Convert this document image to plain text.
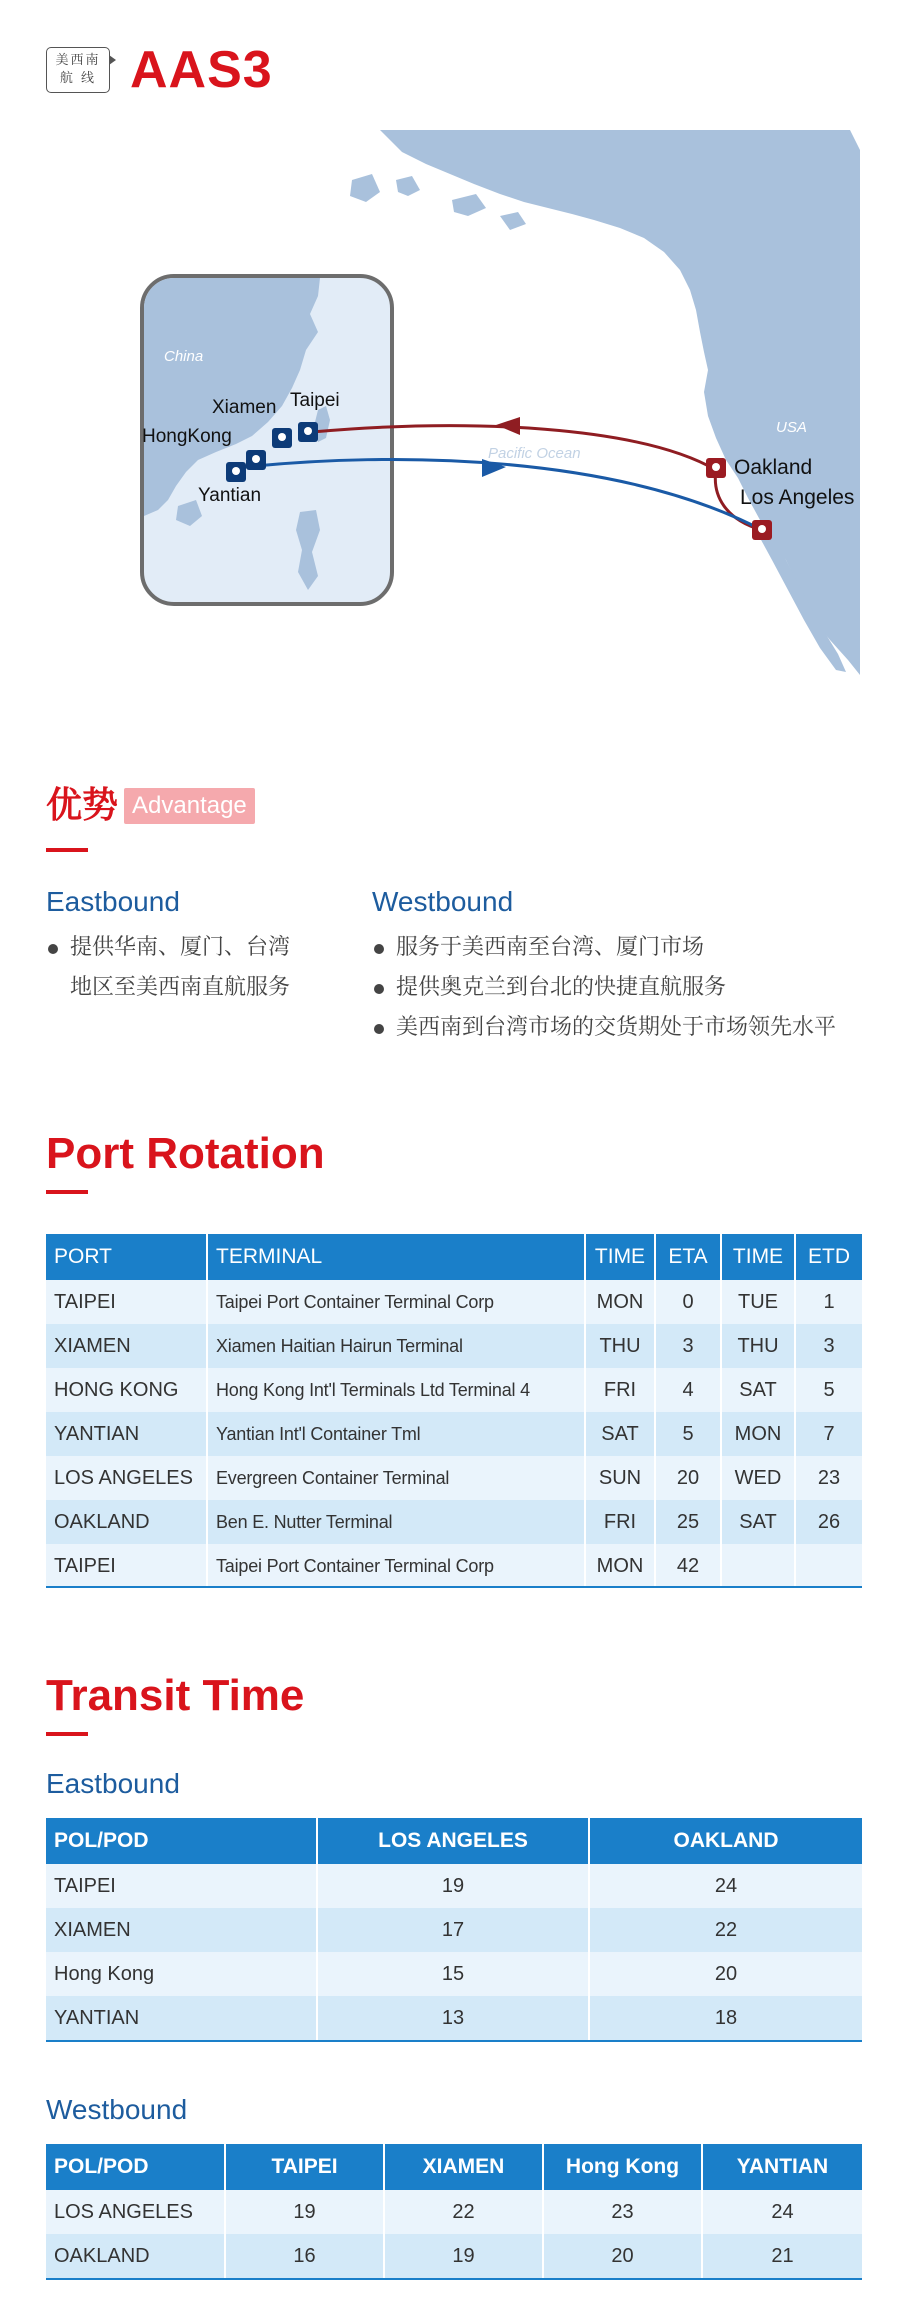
美西南
航 线 AAS3
China
USA
Pacific Ocean
Xiamen Taipei
HongKong
Yantian
Oakland
Los Angeles
优势 Advantage
Eastbound
提供华南、厦门、台湾
地区至美西南直航服务
Westbound
服务于美西南至台湾、厦门市场
提供奥克兰到台北的快捷直航服务
美西南到台湾市场的交货期处于市场领先水平
Port Rotation
PORT	TERMINAL	TIME	ETA	TIME	ETD
TAIPEI	Taipei Port Container Terminal Corp	MON	0	TUE	1
XIAMEN	Xiamen Haitian Hairun Terminal	THU	3	THU	3
HONG KONG	Hong Kong Int'l Terminals Ltd Terminal 4	FRI	4	SAT	5
YANTIAN	Yantian Int'l Container Tml	SAT	5	MON	7
LOS ANGELES	Evergreen Container Terminal	SUN	20	WED	23
OAKLAND	Ben E. Nutter Terminal	FRI	25	SAT	26
TAIPEI	Taipei Port Container Terminal Corp	MON	42		
Transit Time
Eastbound
POL/POD	LOS ANGELES	OAKLAND
TAIPEI	19	24
XIAMEN	17	22
Hong Kong	15	20
YANTIAN	13	18
Westbound
POL/POD	TAIPEI	XIAMEN	Hong Kong	YANTIAN
LOS ANGELES	19	22	23	24
OAKLAND	16	19	20	21
